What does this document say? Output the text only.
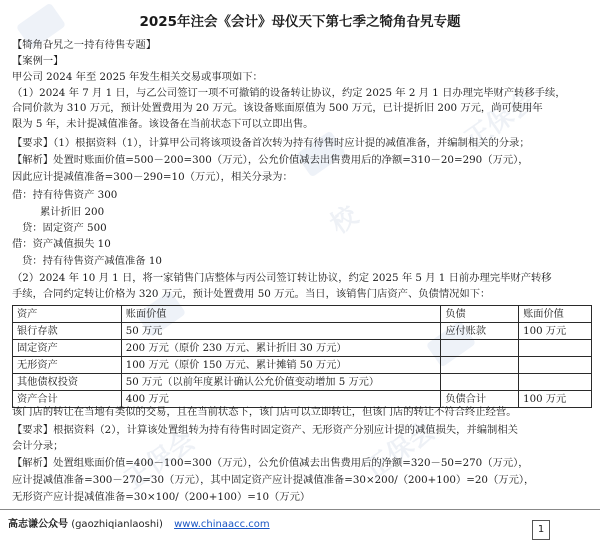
正保会
校
正保会	正保会
2025年注会《会计》母仪天下第七季之犄角旮旯专题
【犄角旮旯之一持有待售专题】
【案例一】
甲公司 2024 年至 2025 年发生相关交易或事项如下：
（1）2024 年 7 月 1 日，与乙公司签订一项不可撤销的设备转让协议，约定 2025 年 2 月 1 日办理完毕财产转移手续，
合同价款为 310 万元，预计处置费用为 20 万元。该设备账面原值为 500 万元，已计提折旧 200 万元，尚可使用年
限为 5 年，未计提减值准备。该设备在当前状态下可以立即出售。
【要求】（1）根据资料（1），计算甲公司将该项设备首次转为持有待售时应计提的减值准备，并编制相关的分录；
【解析】处置时账面价值=500－200=300（万元），公允价值减去出售费用后的净额=310－20=290（万元），
因此应计提减值准备=300－290=10（万元），相关分录为：
借：持有待售资产 300
累计折旧 200
贷：固定资产 500
借：资产减值损失 10
贷：持有待售资产减值准备 10
（2）2024 年 10 月 1 日，将一家销售门店整体与丙公司签订转让协议，约定 2025 年 5 月 1 日前办理完毕财产转移
手续，合同约定转让价格为 320 万元，预计处置费用 50 万元。当日，该销售门店资产、负债情况如下：
资产	账面价值	负债	账面价值
银行存款	50 万元	应付账款	100 万元
固定资产	200 万元（原价 230 万元、累计折旧 30 万元）		
无形资产	100 万元（原价 150 万元、累计摊销 50 万元）		
其他债权投资	50 万元（以前年度累计确认公允价值变动增加 5 万元）		
资产合计	400 万元	负债合计	100 万元
该门店的转让在当地有类似的交易，且在当前状态下，该门店可以立即转让，但该门店的转让不符合终止经营。
【要求】根据资料（2），计算该处置组转为持有待售时固定资产、无形资产分别应计提的减值损失，并编制相关
会计分录；
【解析】处置组账面价值=400－100=300（万元），公允价值减去出售费用后的净额=320－50=270（万元），
应计提减值准备=300－270=30（万元），其中固定资产应计提减值准备=30×200/（200+100）=20（万元），
无形资产应计提减值准备=30×100/（200+100）=10（万元）
高志谦公众号 (gaozhiqianlaoshi) www.chinaacc.com	1
